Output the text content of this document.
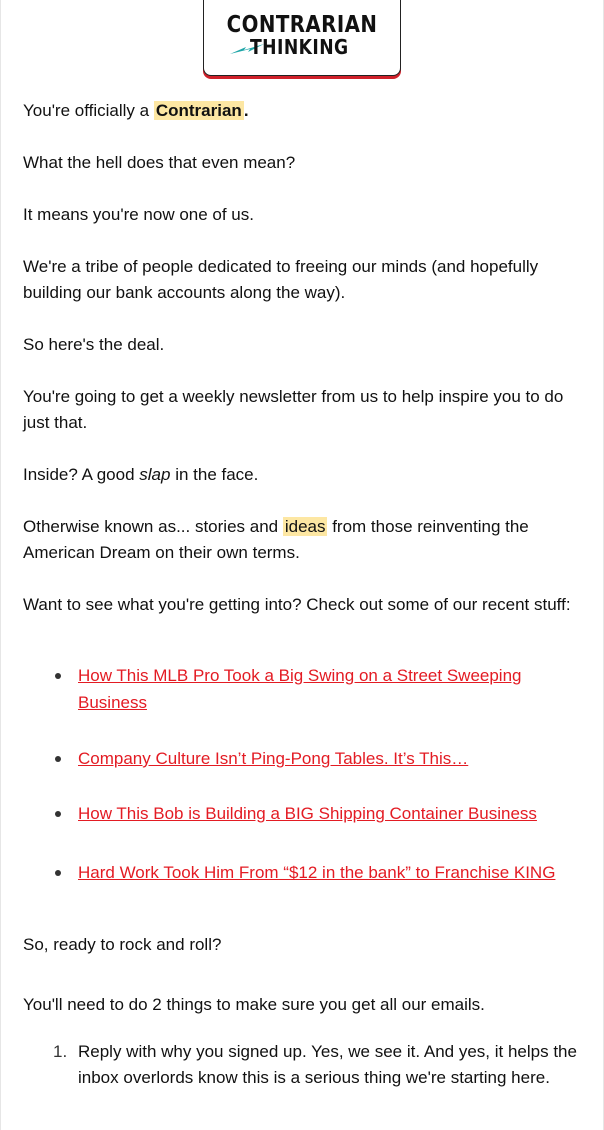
CONTRARIAN
THINKING

You're officially a Contrarian .

What the hell does that even mean?

It means you're now one of us.

We're a tribe of people dedicated to freeing our minds (and hopefully building our bank accounts along the way).

So here's the deal.

You're going to get a weekly newsletter from us to help inspire you to do just that.

Inside? A good slap in the face.

Otherwise known as... stories and ideas from those reinventing the American Dream on their own terms.

Want to see what you're getting into? Check out some of our recent stuff:

How This MLB Pro Took a Big Swing on a Street Sweeping Business
Company Culture Isn’t Ping-Pong Tables. It’s This…
How This Bob is Building a BIG Shipping Container Business
Hard Work Took Him From “$12 in the bank” to Franchise KING

So, ready to rock and roll?

You'll need to do 2 things to make sure you get all our emails.

1. Reply with why you signed up. Yes, we see it. And yes, it helps the inbox overlords know this is a serious thing we're starting here.
